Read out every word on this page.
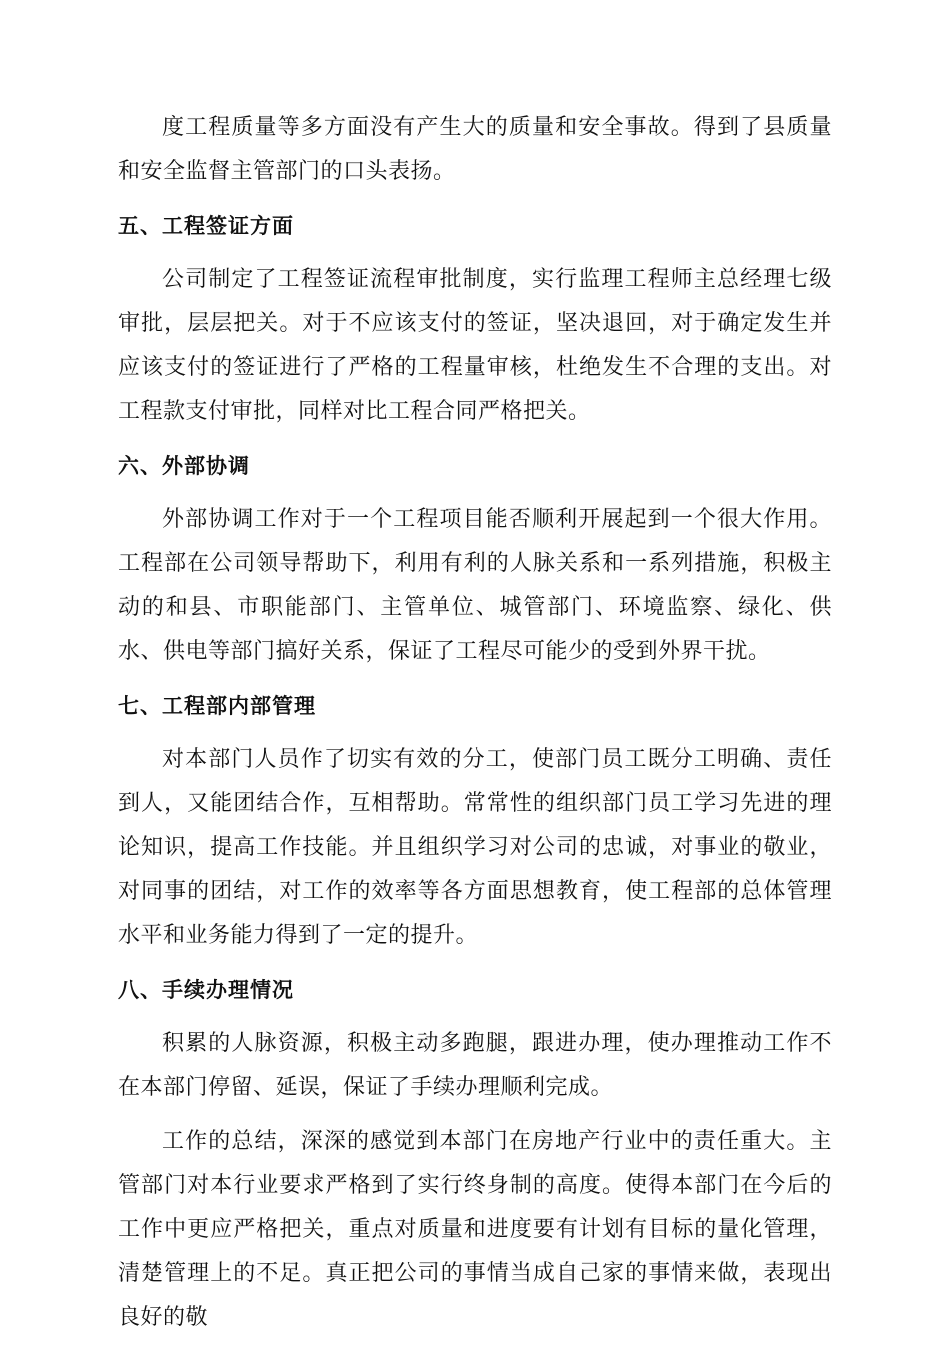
度工程质量等多方面没有产生大的质量和安全事故。得到了县质量和安全监督主管部门的口头表扬。

五、工程签证方面

公司制定了工程签证流程审批制度，实行监理工程师主总经理七级审批，层层把关。对于不应该支付的签证，坚决退回，对于确定发生并应该支付的签证进行了严格的工程量审核，杜绝发生不合理的支出。对工程款支付审批，同样对比工程合同严格把关。

六、外部协调

外部协调工作对于一个工程项目能否顺利开展起到一个很大作用。工程部在公司领导帮助下，利用有利的人脉关系和一系列措施，积极主动的和县、市职能部门、主管单位、城管部门、环境监察、绿化、供水、供电等部门搞好关系，保证了工程尽可能少的受到外界干扰。

七、工程部内部管理

对本部门人员作了切实有效的分工，使部门员工既分工明确、责任到人，又能团结合作，互相帮助。常常性的组织部门员工学习先进的理论知识，提高工作技能。并且组织学习对公司的忠诚，对事业的敬业，对同事的团结，对工作的效率等各方面思想教育，使工程部的总体管理水平和业务能力得到了一定的提升。

八、手续办理情况

积累的人脉资源，积极主动多跑腿，跟进办理，使办理推动工作不在本部门停留、延误，保证了手续办理顺利完成。

工作的总结，深深的感觉到本部门在房地产行业中的责任重大。主管部门对本行业要求严格到了实行终身制的高度。使得本部门在今后的工作中更应严格把关，重点对质量和进度要有计划有目标的量化管理，清楚管理上的不足。真正把公司的事情当成自己家的事情来做，表现出良好的敬
